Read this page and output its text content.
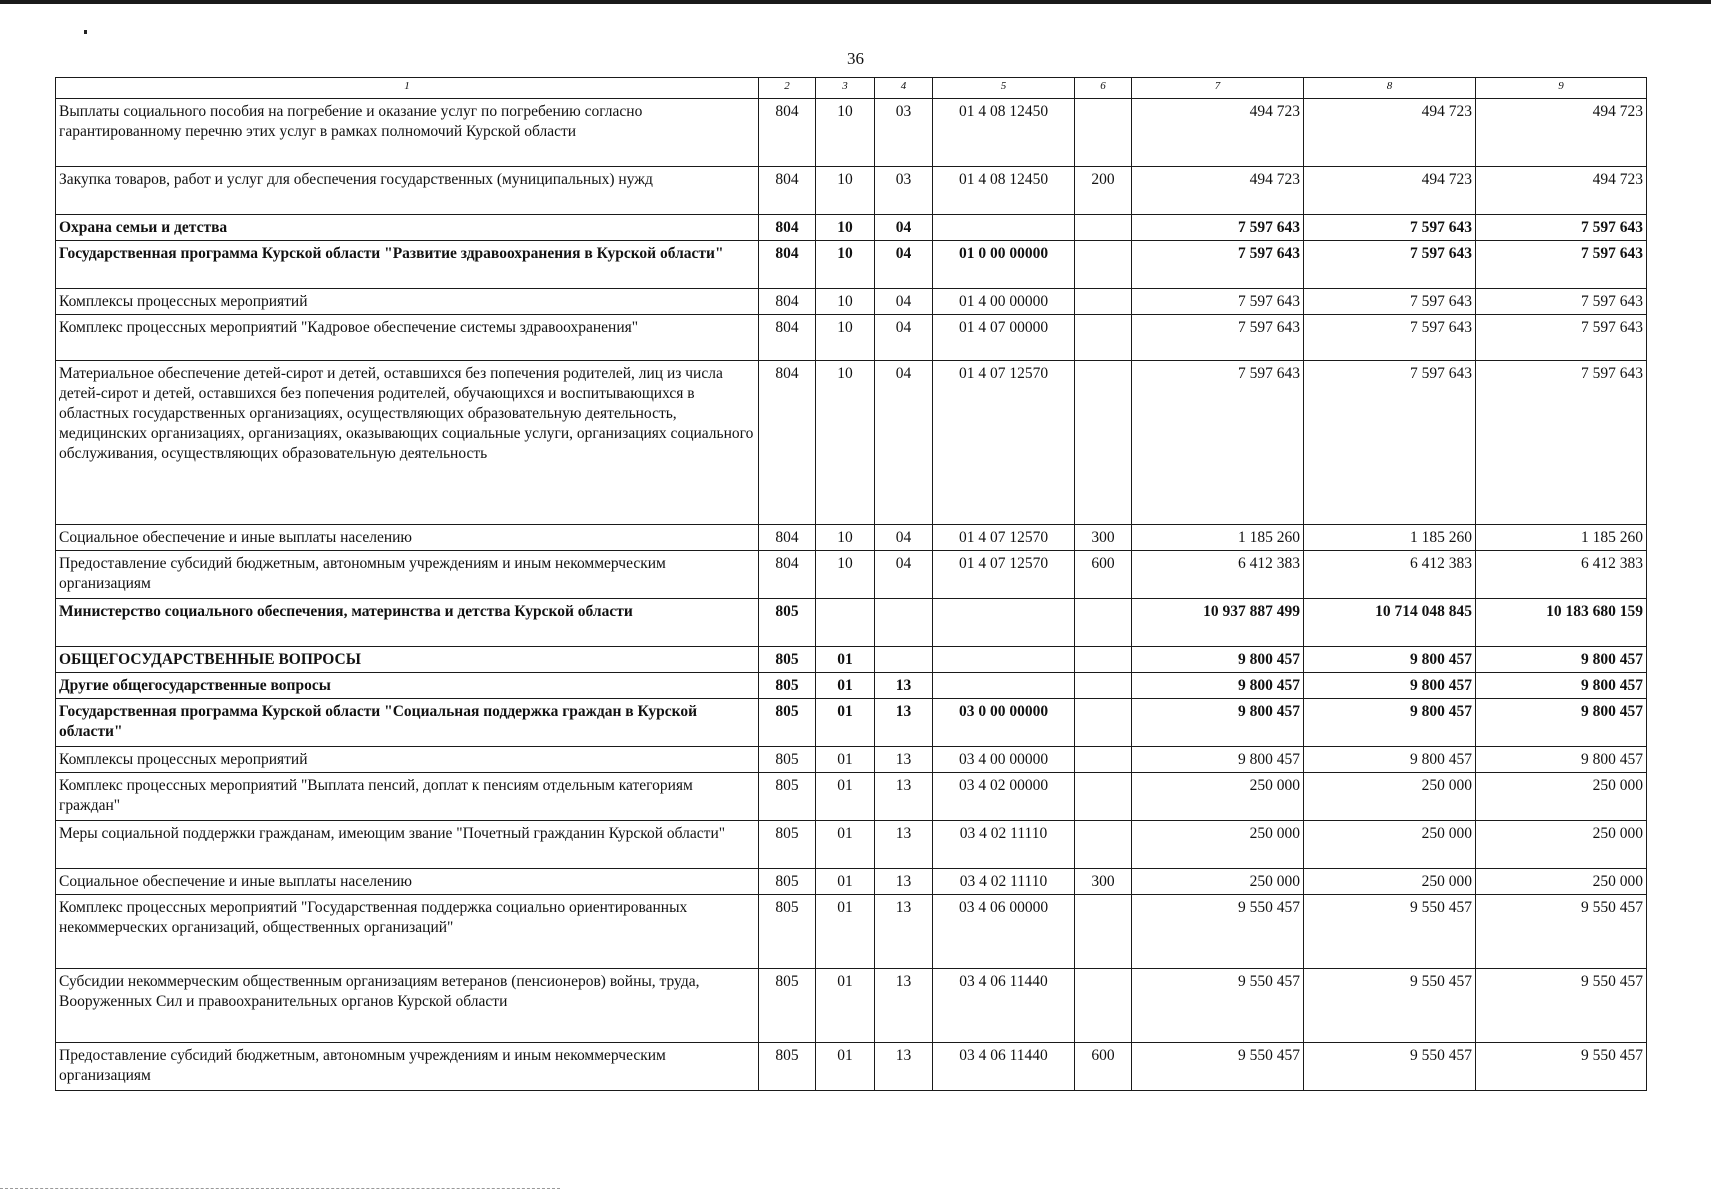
36
1	2	3	4	5	6	7	8	9
Выплаты социального пособия на погребение и оказание услуг по погребению согласно гарантированному перечню этих услуг в рамках полномочий Курской области	804	10	03	01 4 08 12450		494 723	494 723	494 723
Закупка товаров, работ и услуг для обеспечения государственных (муниципальных) нужд	804	10	03	01 4 08 12450	200	494 723	494 723	494 723
Охрана семьи и детства	804	10	04			7 597 643	7 597 643	7 597 643
Государственная программа Курской области "Развитие здравоохранения в Курской области"	804	10	04	01 0 00 00000		7 597 643	7 597 643	7 597 643
Комплексы процессных мероприятий	804	10	04	01 4 00 00000		7 597 643	7 597 643	7 597 643
Комплекс процессных мероприятий "Кадровое обеспечение системы здравоохранения"	804	10	04	01 4 07 00000		7 597 643	7 597 643	7 597 643
Материальное обеспечение детей-сирот и детей, оставшихся без попечения родителей, лиц из числа детей-сирот и детей, оставшихся без попечения родителей, обучающихся и воспитывающихся в областных государственных организациях, осуществляющих образовательную деятельность, медицинских организациях, организациях, оказывающих социальные услуги, организациях социального обслуживания, осуществляющих образовательную деятельность	804	10	04	01 4 07 12570		7 597 643	7 597 643	7 597 643
Социальное обеспечение и иные выплаты населению	804	10	04	01 4 07 12570	300	1 185 260	1 185 260	1 185 260
Предоставление субсидий бюджетным, автономным учреждениям и иным некоммерческим организациям	804	10	04	01 4 07 12570	600	6 412 383	6 412 383	6 412 383
Министерство социального обеспечения, материнства и детства Курской области	805					10 937 887 499	10 714 048 845	10 183 680 159
ОБЩЕГОСУДАРСТВЕННЫЕ ВОПРОСЫ	805	01				9 800 457	9 800 457	9 800 457
Другие общегосударственные вопросы	805	01	13			9 800 457	9 800 457	9 800 457
Государственная программа Курской области "Социальная поддержка граждан в Курской области"	805	01	13	03 0 00 00000		9 800 457	9 800 457	9 800 457
Комплексы процессных мероприятий	805	01	13	03 4 00 00000		9 800 457	9 800 457	9 800 457
Комплекс процессных мероприятий "Выплата пенсий, доплат к пенсиям отдельным категориям граждан"	805	01	13	03 4 02 00000		250 000	250 000	250 000
Меры социальной поддержки гражданам, имеющим звание "Почетный гражданин Курской области"	805	01	13	03 4 02 11110		250 000	250 000	250 000
Социальное обеспечение и иные выплаты населению	805	01	13	03 4 02 11110	300	250 000	250 000	250 000
Комплекс процессных мероприятий "Государственная поддержка социально ориентированных некоммерческих организаций, общественных организаций"	805	01	13	03 4 06 00000		9 550 457	9 550 457	9 550 457
Субсидии некоммерческим общественным организациям ветеранов (пенсионеров) войны, труда, Вооруженных Сил и правоохранительных органов Курской области	805	01	13	03 4 06 11440		9 550 457	9 550 457	9 550 457
Предоставление субсидий бюджетным, автономным учреждениям и иным некоммерческим организациям	805	01	13	03 4 06 11440	600	9 550 457	9 550 457	9 550 457
